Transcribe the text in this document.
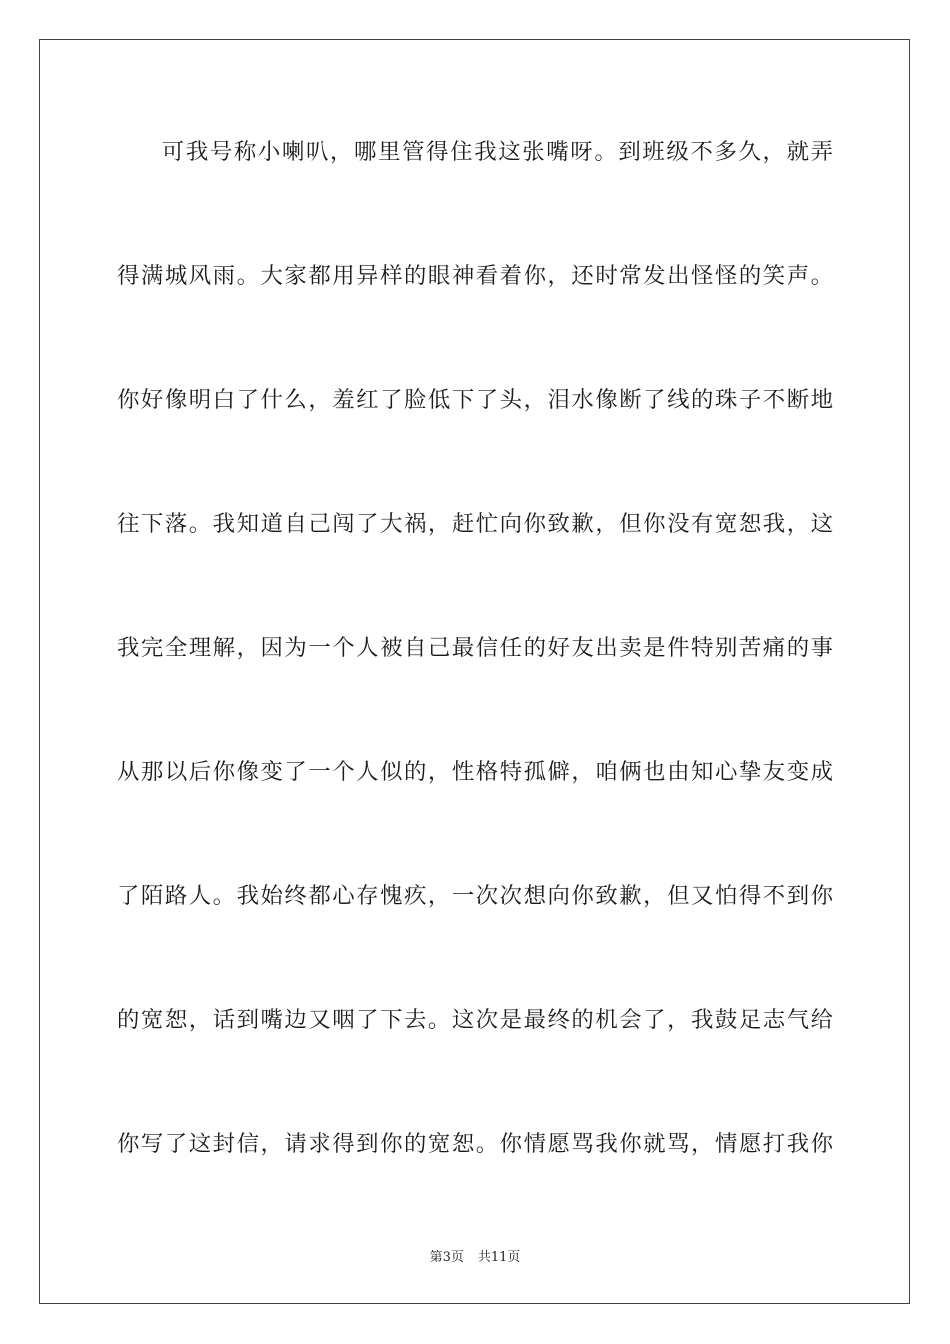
可我号称小喇叭，哪里管得住我这张嘴呀。到班级不多久，就弄
得满城风雨。大家都用异样的眼神看着你，还时常发出怪怪的笑声。
你好像明白了什么，羞红了脸低下了头，泪水像断了线的珠子不断地
往下落。我知道自己闯了大祸，赶忙向你致歉，但你没有宽恕我，这
我完全理解，因为一个人被自己最信任的好友出卖是件特别苦痛的事
从那以后你像变了一个人似的，性格特孤僻，咱俩也由知心挚友变成
了陌路人。我始终都心存愧疚，一次次想向你致歉，但又怕得不到你
的宽恕，话到嘴边又咽了下去。这次是最终的机会了，我鼓足志气给
你写了这封信，请求得到你的宽恕。你情愿骂我你就骂，情愿打我你
第3页 共11页
